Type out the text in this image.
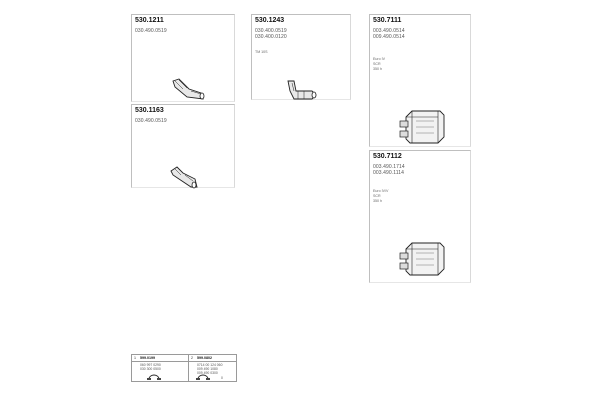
530.1211
030.490.0519
530.1243
030.400.0519
030.400.0120
TM 10S
530.7111
003.490.0514
009.490.0514
Euro IV
SCR
350 h
530.1163
030.490.0519
530.7112
003.490.1714
003.490.1114
Euro IV/V
SCR
350 h
1 599.0199
060 997 0290
030 300 0500
2 599.0802
0714 00 124 060
009 490 1080
009 490 0300
0
